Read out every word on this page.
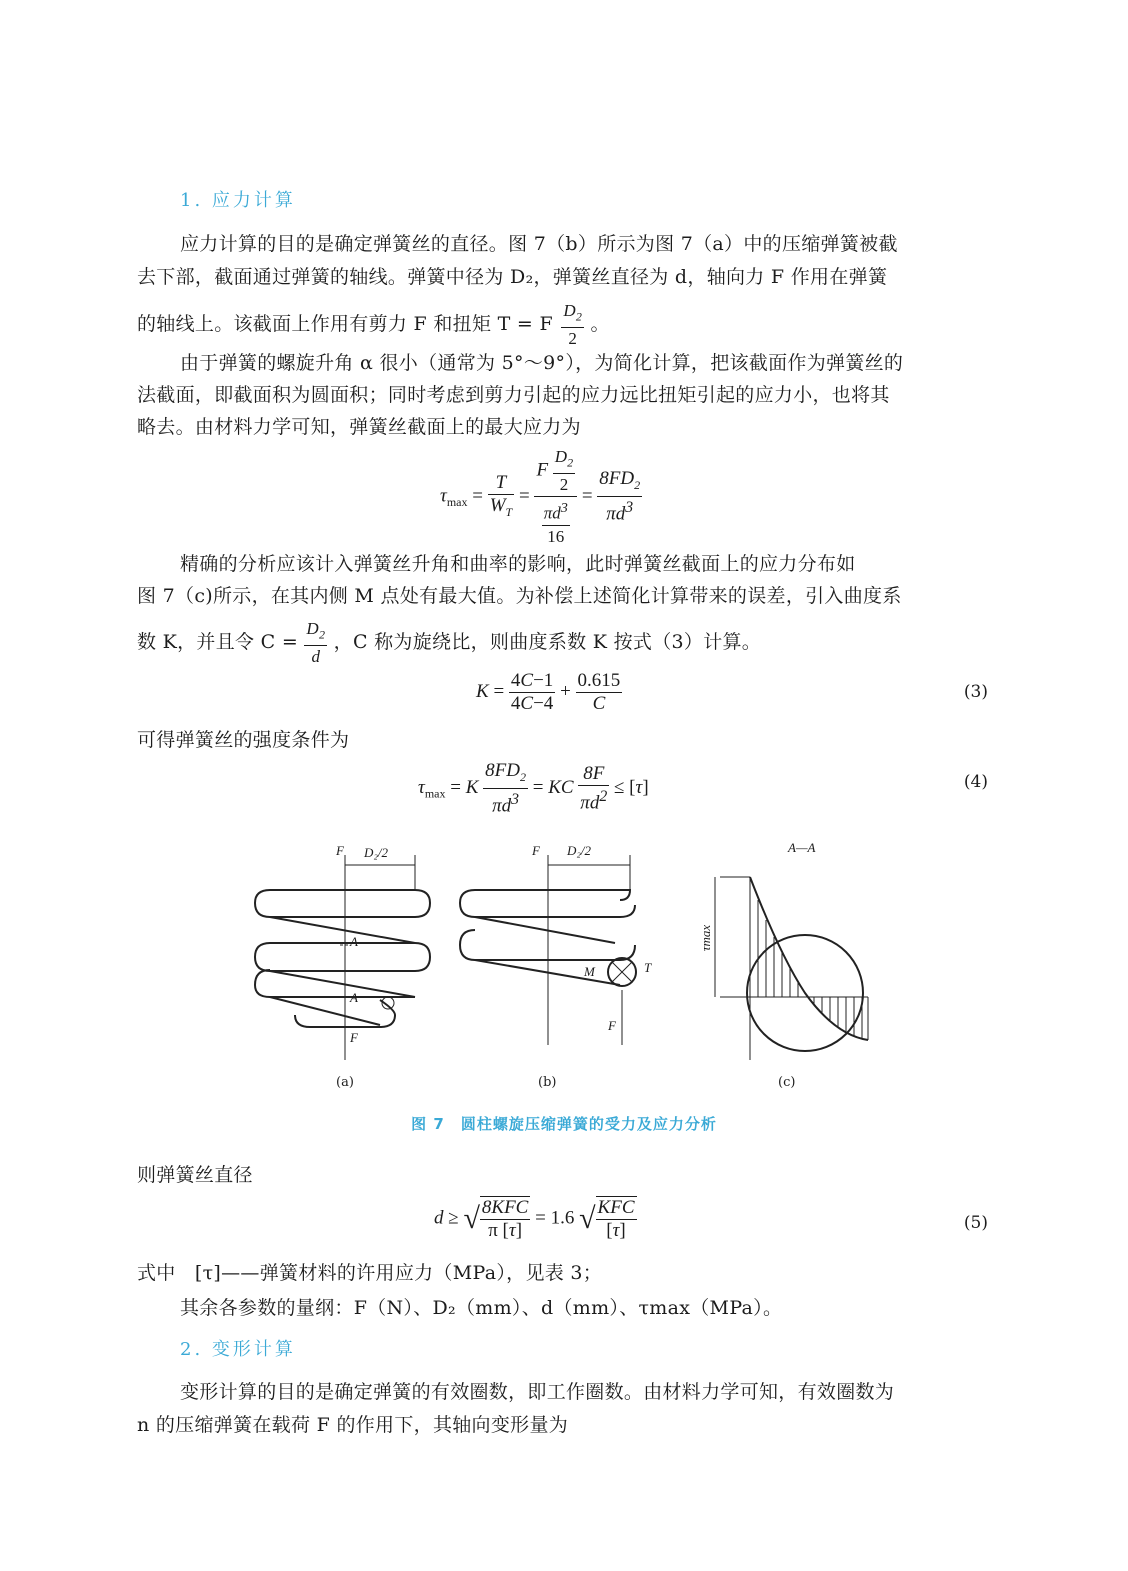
1. 应力计算
应力计算的目的是确定弹簧丝的直径。图 7（b）所示为图 7（a）中的压缩弹簧被截
去下部，截面通过弹簧的轴线。弹簧中径为 D₂，弹簧丝直径为 d，轴向力 F 作用在弹簧
的轴线上。该截面上作用有剪力 F 和扭矩 T = F $\frac{D_2}{2}$ 。
由于弹簧的螺旋升角 α 很小（通常为 5°～9°），为简化计算，把该截面作为弹簧丝的
法截面，即截面积为圆面积；同时考虑到剪力引起的应力远比扭矩引起的应力小，也将其
略去。由材料力学可知，弹簧丝截面上的最大应力为
$\tau_{max} = \frac{T}{W_T} = \frac{F \frac{D_2}{2}}{\frac{\pi d^3}{16}} = \frac{8FD_2}{\pi d^3}$
精确的分析应该计入弹簧丝升角和曲率的影响，此时弹簧丝截面上的应力分布如
图 7（c)所示，在其内侧 M 点处有最大值。为补偿上述简化计算带来的误差，引入曲度系
数 K，并且令 $C = \frac{D_2}{d}$ ，C 称为旋绕比，则曲度系数 K 按式（3）计算。
$K = \frac{4C-1}{4C-4} + \frac{0.615}{C}$	(3)
可得弹簧丝的强度条件为
$\tau_{max} = K \frac{8FD_2}{\pi d^3}$ = KC $\frac{8F}{\pi d^2} \le [\tau]$	(4)
F D₂/2
A
A
F
F D₂/2
M	T
F
A—A
τmax
(a)	(b)	(c)
图 7　圆柱螺旋压缩弹簧的受力及应力分析
则弹簧丝直径
d ≥ √ $\frac{\text{8KFC}}{\pi [\tau]} = 1.6$ √ $\frac{\text{KFC}}{[\tau]}$	(5)
式中　[τ]——弹簧材料的许用应力（MPa），见表 3；
其余各参数的量纲：F（N）、D₂（mm）、d（mm）、τmax（MPa）。
2. 变形计算
变形计算的目的是确定弹簧的有效圈数，即工作圈数。由材料力学可知，有效圈数为
n 的压缩弹簧在载荷 F 的作用下，其轴向变形量为
